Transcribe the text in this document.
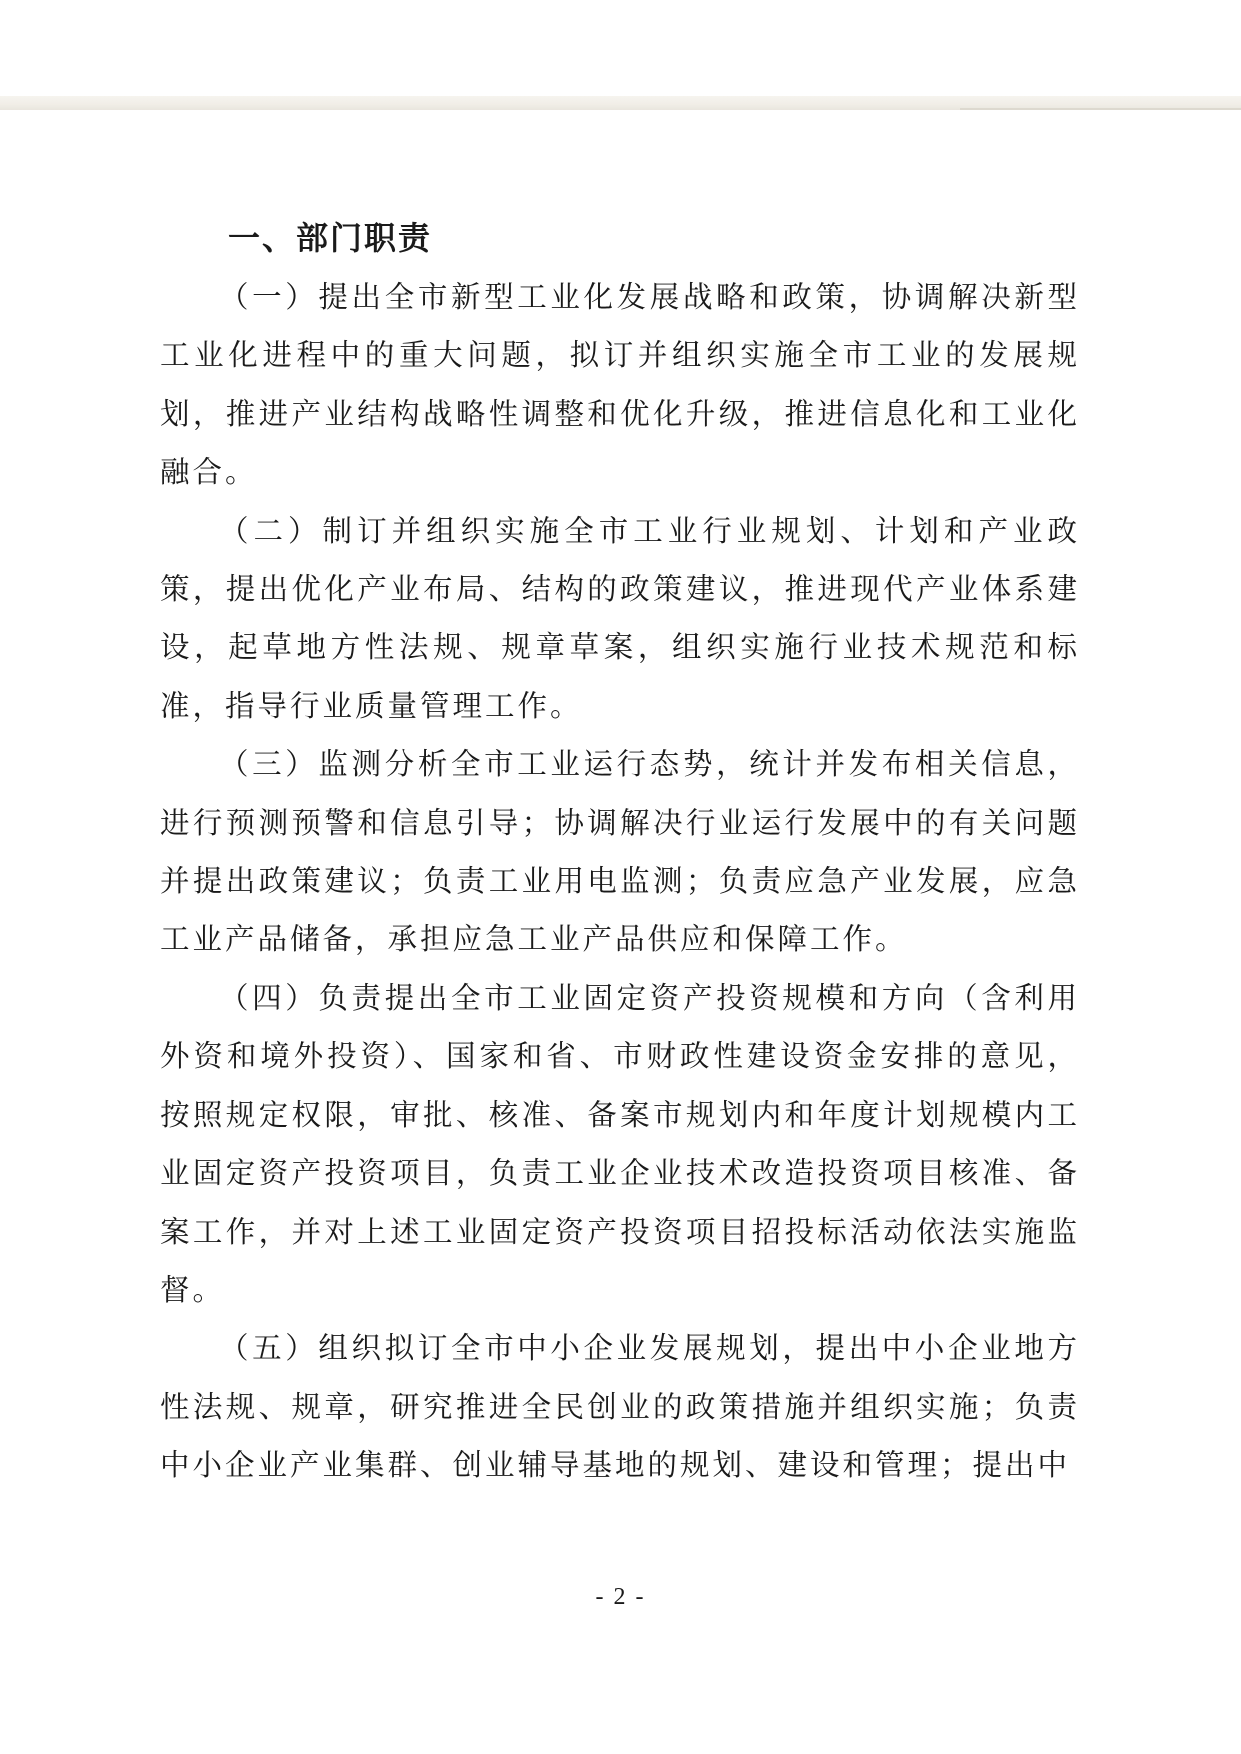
一、部门职责

（一）提出全市新型工业化发展战略和政策，协调解决新型工业化进程中的重大问题，拟订并组织实施全市工业的发展规划，推进产业结构战略性调整和优化升级，推进信息化和工业化融合。

（二）制订并组织实施全市工业行业规划、计划和产业政策，提出优化产业布局、结构的政策建议，推进现代产业体系建设，起草地方性法规、规章草案，组织实施行业技术规范和标准，指导行业质量管理工作。

（三）监测分析全市工业运行态势，统计并发布相关信息，进行预测预警和信息引导；协调解决行业运行发展中的有关问题并提出政策建议；负责工业用电监测；负责应急产业发展，应急工业产品储备，承担应急工业产品供应和保障工作。

（四）负责提出全市工业固定资产投资规模和方向（含利用外资和境外投资）、国家和省、市财政性建设资金安排的意见，按照规定权限，审批、核准、备案市规划内和年度计划规模内工业固定资产投资项目，负责工业企业技术改造投资项目核准、备案工作，并对上述工业固定资产投资项目招投标活动依法实施监督。

（五）组织拟订全市中小企业发展规划，提出中小企业地方性法规、规章，研究推进全民创业的政策措施并组织实施；负责中小企业产业集群、创业辅导基地的规划、建设和管理；提出中

- 2 -
